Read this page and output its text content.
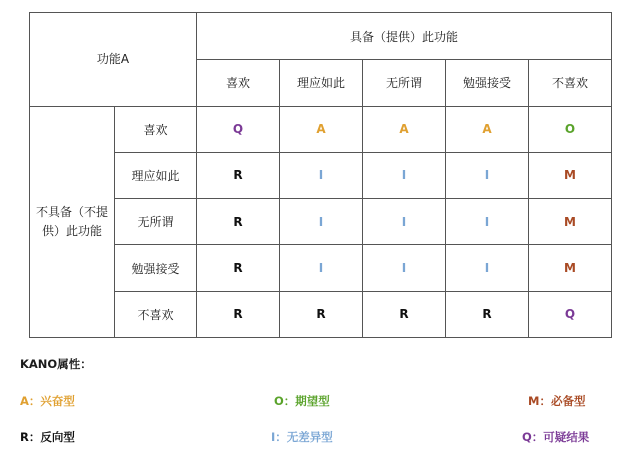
功能A		具备（提供）此功能				
		喜欢	理应如此	无所谓	勉强接受	不喜欢

不具备（不提
供）此功能	喜欢	Q	A	A	A	O
	理应如此	R	I	I	I	M
	无所谓	R	I	I	I	M
	勉强接受	R	I	I	I	M
	不喜欢	R	R	R	R	Q
KANO属性：
A：兴奋型	O：期望型	M：必备型
R：反向型	I：无差异型	Q：可疑结果
